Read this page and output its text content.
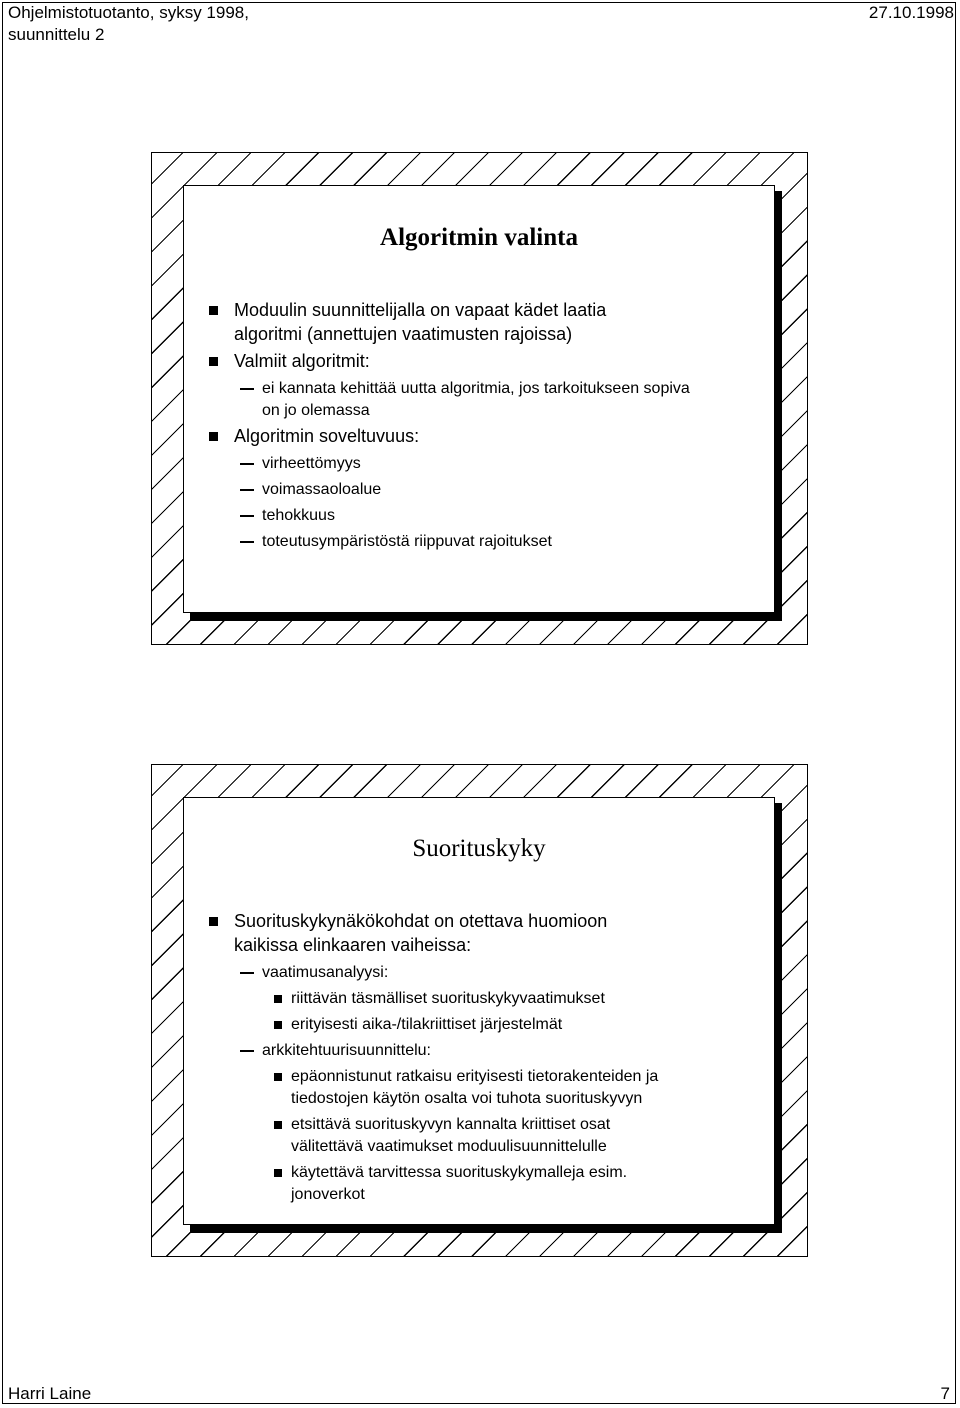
Ohjelmistotuotanto, syksy 1998,
suunnittelu 2
27.10.1998
Algoritmin valinta
Moduulin suunnittelijalla on vapaat kädet laatia
algoritmi (annettujen vaatimusten rajoissa)
Valmiit algoritmit:
ei kannata kehittää uutta algoritmia, jos tarkoitukseen sopiva
on jo olemassa
Algoritmin soveltuvuus:
virheettömyys
voimassaoloalue
tehokkuus
toteutusympäristöstä riippuvat rajoitukset
Suorituskyky
Suorituskykynäkökohdat on otettava huomioon
kaikissa elinkaaren vaiheissa:
vaatimusanalyysi:
riittävän täsmälliset suorituskykyvaatimukset
erityisesti aika-/tilakriittiset järjestelmät
arkkitehtuurisuunnittelu:
epäonnistunut ratkaisu erityisesti tietorakenteiden ja
tiedostojen käytön osalta voi tuhota suorituskyvyn
etsittävä suorituskyvyn kannalta kriittiset osat
välitettävä vaatimukset moduulisuunnittelulle
käytettävä tarvittessa suorituskykymalleja esim.
jonoverkot
Harri Laine	7
